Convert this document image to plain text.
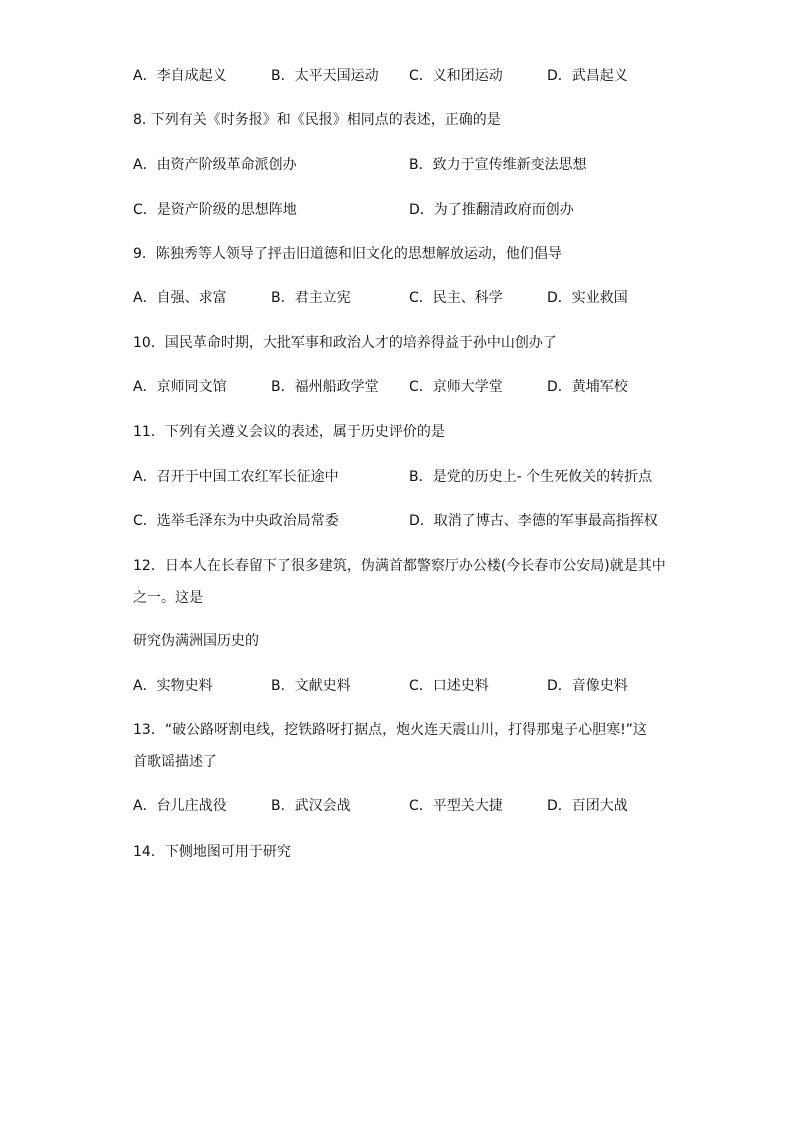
A．李自成起义	B．太平天国运动 C．义和团运动	D．武昌起义
8. 下列有关《时务报》和《民报》相同点的表述，正确的是
A．由资产阶级革命派创办	B．致力于宣传维新变法思想
C．是资产阶级的思想阵地	D．为了推翻清政府而创办
9．陈独秀等人领导了抨击旧道德和旧文化的思想解放运动，他们倡导
A．自强、求富	B．君主立宪	C．民主、科学	D．实业救国
10．国民革命时期，大批军事和政治人才的培养得益于孙中山创办了
A．京师同文馆	B．福州船政学堂 C．京师大学堂	D．黄埔军校
11．下列有关遵义会议的表述，属于历史评价的是
A．召开于中国工农红军长征途中	B．是党的历史上- 个生死攸关的转折点
C．选举毛泽东为中央政治局常委	D．取消了博古、李德的军事最高指挥权
12．日本人在长春留下了很多建筑，伪满首都警察厅办公楼(今长春市公安局)就是其中
之一。这是
研究伪满洲国历史的
A．实物史料	B．文献史料	C．口述史料	D．音像史料
13．“破公路呀割电线，挖铁路呀打据点，炮火连天震山川，打得那鬼子心胆寒!”这
首歌谣描述了
A．台儿庄战役	B．武汉会战	C．平型关大捷	D．百团大战
14．下侧地图可用于研究
